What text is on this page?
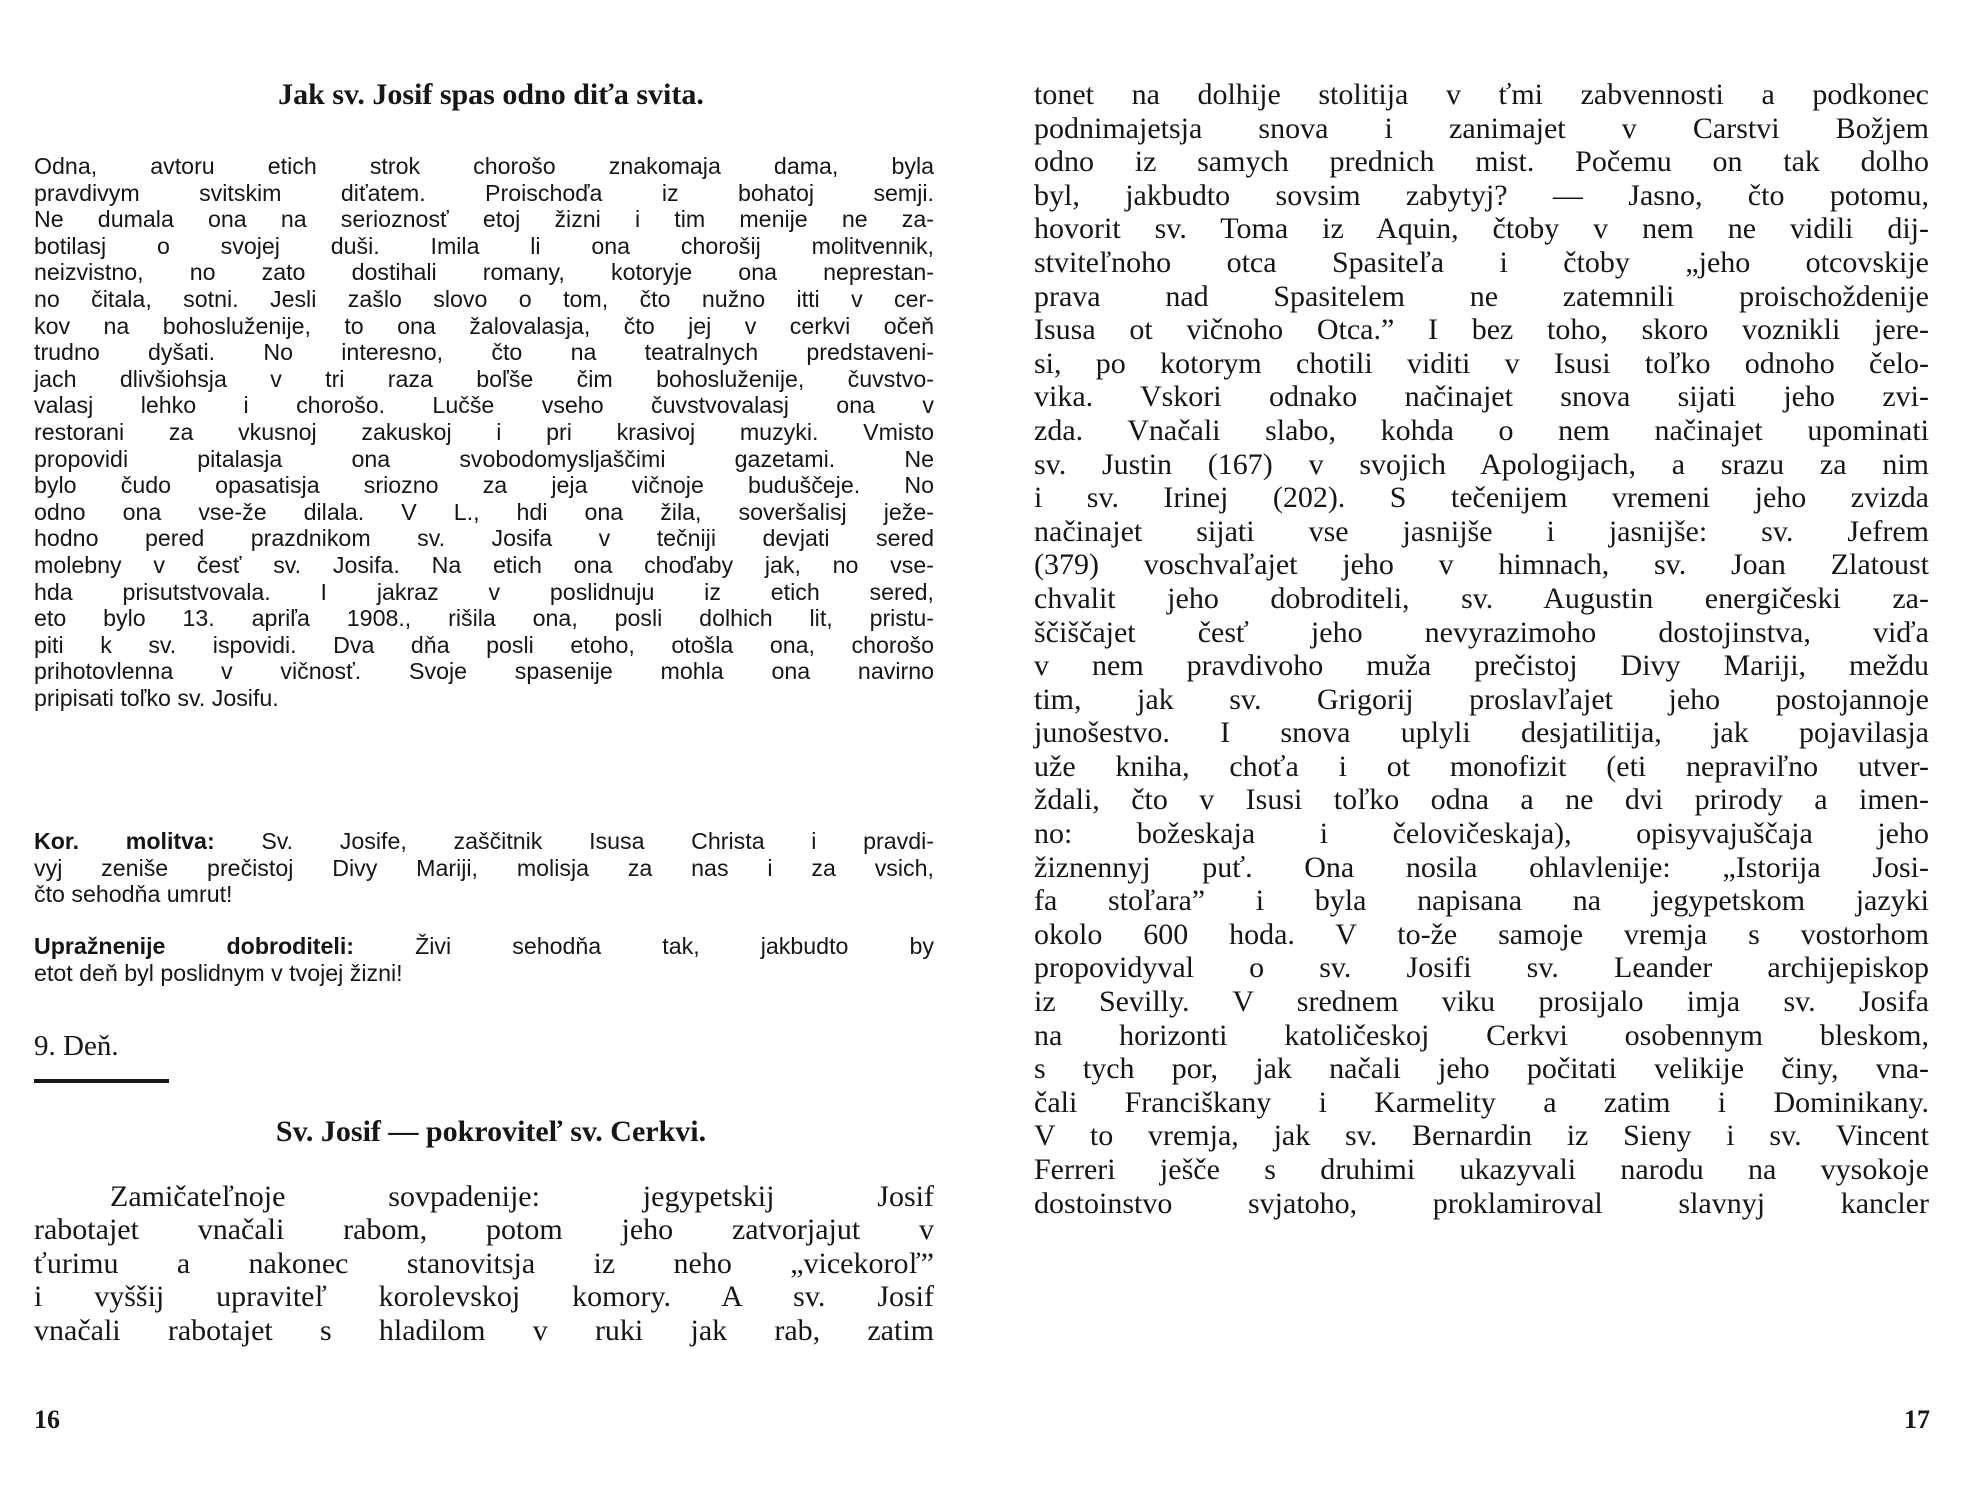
Jak sv. Josif spas odno diťa svita.
Odna, avtoru etich strok chorošo znakomaja dama, byla
pravdivym svitskim diťatem. Proischoďa iz bohatoj semji.
Ne dumala ona na serioznosť etoj žizni i tim menije ne za-
botilasj o svojej duši. Imila li ona chorošij molitvennik,
neizvistno, no zato dostihali romany, kotoryje ona neprestan-
no čitala, sotni. Jesli zašlo slovo o tom, čto nužno itti v cer-
kov na bohosluženije, to ona žalovalasja, čto jej v cerkvi očeň
trudno dyšati. No interesno, čto na teatralnych predstaveni-
jach dlivšiohsja v tri raza boľše čim bohosluženije, čuvstvo-
valasj lehko i chorošo. Lučše vseho čuvstvovalasj ona v
restorani za vkusnoj zakuskoj i pri krasivoj muzyki. Vmisto
propovidi pitalasja ona svobodomysljaščimi gazetami. Ne
bylo čudo opasatisja sriozno za jeja vičnoje buduščeje. No
odno ona vse-že dilala. V L., hdi ona žila, soveršalisj ježe-
hodno pered prazdnikom sv. Josifa v tečniji devjati sered
molebny v česť sv. Josifa. Na etich ona choďaby jak, no vse-
hda prisutstvovala. I jakraz v poslidnuju iz etich sered,
eto bylo 13. apriľa 1908., rišila ona, posli dolhich lit, pristu-
piti k sv. ispovidi. Dva dňa posli etoho, otošla ona, chorošo
prihotovlenna v vičnosť. Svoje spasenije mohla ona navirno
pripisati toľko sv. Josifu.
Kor. molitva: Sv. Josife, zaščitnik Isusa Christa i pravdi-
vyj zeniše prečistoj Divy Mariji, molisja za nas i za vsich,
čto sehodňa umrut!
Upražnenije dobroditeli: Živi sehodňa tak, jakbudto by
etot deň byl poslidnym v tvojej žizni!
9. Deň.
Sv. Josif — pokroviteľ sv. Cerkvi.
Zamičateľnoje sovpadenije: jegypetskij Josif
rabotajet vnačali rabom, potom jeho zatvorjajut v
ťurimu a nakonec stanovitsja iz neho „vicekoroľ”
i vyššij upraviteľ korolevskoj komory. A sv. Josif
vnačali rabotajet s hladilom v ruki jak rab, zatim
16
tonet na dolhije stolitija v ťmi zabvennosti a podkonec
podnimajetsja snova i zanimajet v Carstvi Božjem
odno iz samych prednich mist. Počemu on tak dolho
byl, jakbudto sovsim zabytyj? — Jasno, čto potomu,
hovorit sv. Toma iz Aquin, čtoby v nem ne vidili dij-
stviteľnoho otca Spasiteľa i čtoby „jeho otcovskije
prava nad Spasitelem ne zatemnili proischoždenije
Isusa ot vičnoho Otca.” I bez toho, skoro voznikli jere-
si, po kotorym chotili viditi v Isusi toľko odnoho čelo-
vika. Vskori odnako načinajet snova sijati jeho zvi-
zda. Vnačali slabo, kohda o nem načinajet upominati
sv. Justin (167) v svojich Apologijach, a srazu za nim
i sv. Irinej (202). S tečenijem vremeni jeho zvizda
načinajet sijati vse jasnijše i jasnijše: sv. Jefrem
(379) voschvaľajet jeho v himnach, sv. Joan Zlatoust
chvalit jeho dobroditeli, sv. Augustin energičeski za-
ščiščajet česť jeho nevyrazimoho dostojinstva, viďa
v nem pravdivoho muža prečistoj Divy Mariji, meždu
tim, jak sv. Grigorij proslavľajet jeho postojannoje
junošestvo. I snova uplyli desjatilitija, jak pojavilasja
uže kniha, choťa i ot monofizit (eti nepraviľno utver-
ždali, čto v Isusi toľko odna a ne dvi prirody a imen-
no: božeskaja i čelovičeskaja), opisyvajuščaja jeho
žiznennyj puť. Ona nosila ohlavlenije: „Istorija Josi-
fa stoľara” i byla napisana na jegypetskom jazyki
okolo 600 hoda. V to-že samoje vremja s vostorhom
propovidyval o sv. Josifi sv. Leander archijepiskop
iz Sevilly. V srednem viku prosijalo imja sv. Josifa
na horizonti katoličeskoj Cerkvi osobennym bleskom,
s tych por, jak načali jeho počitati velikije činy, vna-
čali Franciškany i Karmelity a zatim i Dominikany.
V to vremja, jak sv. Bernardin iz Sieny i sv. Vincent
Ferreri ješče s druhimi ukazyvali narodu na vysokoje
dostoinstvo svjatoho, proklamiroval slavnyj kancler
17
